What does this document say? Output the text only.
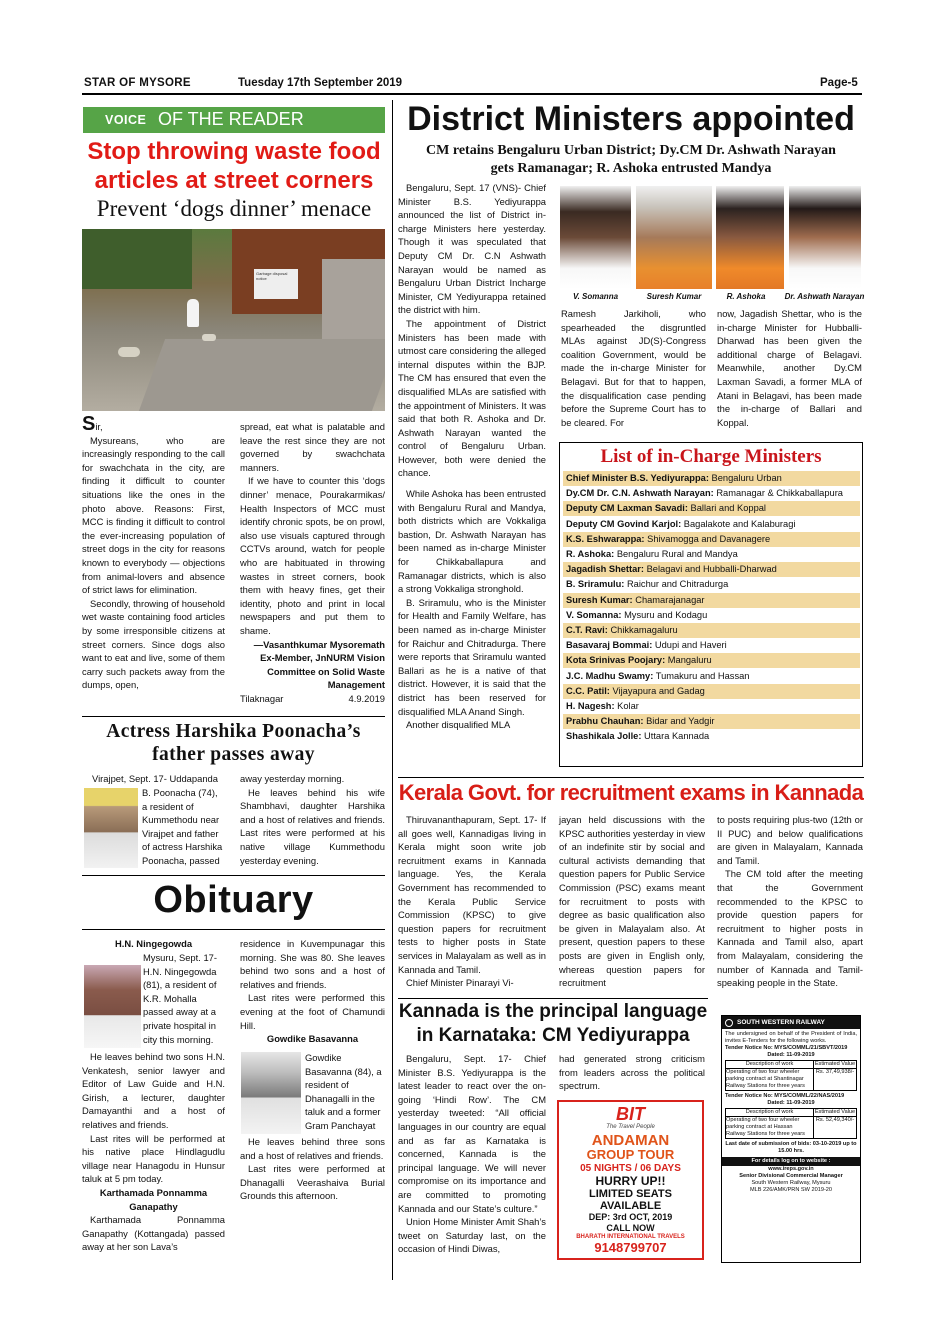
STAR OF MYSORE	Tuesday 17th September 2019	Page-5
VOICE OF THE READER
Stop throwing waste food
articles at street corners
Prevent ‘dogs dinner’ menace
Garbage disposal notice
Sir,
Mysureans, who are increasingly responding to the call for swachchata in the city, are finding it difficult to counter situations like the ones in the photo above. Reasons: First, MCC is finding it difficult to control the ever-increasing population of street dogs in the city for reasons known to everybody — objections from animal-lovers and absence of strict laws for elimination.
Secondly, throwing of household wet waste containing food articles by some irresponsible citizens at street corners. Since dogs also want to eat and live, some of them carry such packets away from the dumps, open,
spread, eat what is palatable and leave the rest since they are not governed by swachchata manners.
If we have to counter this ‘dogs dinner’ menace, Pourakarmikas/ Health Inspectors of MCC must identify chronic spots, be on prowl, also use visuals captured through CCTVs around, watch for people who are habituated in throwing wastes in street corners, book them with heavy fines, get their identity, photo and print in local newspapers and put them to shame.
—Vasanthkumar Mysoremath
Ex-Member, JnNURM Vision
Committee on Solid Waste
Management
Tilaknagar	4.9.2019
Actress Harshika Poonacha’s
father passes away
Virajpet, Sept. 17- Uddapanda
B. Poonacha (74), a resident of Kummethodu near Virajpet and father of actress Harshika Poonacha, passed
away yesterday morning.
He leaves behind his wife Shambhavi, daughter Harshika and a host of relatives and friends. Last rites were performed at his native village Kummethodu yesterday evening.
Obituary
H.N. Ningegowda
Mysuru, Sept. 17- H.N. Ningegowda (81), a resident of K.R. Mohalla passed away at a private hospital in city this morning.
He leaves behind two sons H.N. Venkatesh, senior lawyer and Editor of Law Guide and H.N. Girish, a lecturer, daughter Damayanthi and a host of relatives and friends.
Last rites will be performed at his native place Hindlagudlu village near Hanagodu in Hunsur taluk at 5 pm today.
Karthamada Ponnamma
Ganapathy
Karthamada Ponnamma Ganapathy (Kottangada) passed away at her son Lava’s
residence in Kuvempunagar this morning. She was 80. She leaves behind two sons and a host of relatives and friends.
Last rites were performed this evening at the foot of Chamundi Hill.
Gowdike Basavanna
Gowdike Basavanna (84), a resident of Dhanagalli in the taluk and a former Gram Panchayat
He leaves behind three sons and a host of relatives and friends.
Last rites were performed at Dhanagalli Veerashaiva Burial Grounds this afternoon.
District Ministers appointed
CM retains Bengaluru Urban District; Dy.CM Dr. Ashwath Narayan
gets Ramanagar; R. Ashoka entrusted Mandya
Bengaluru, Sept. 17 (VNS)- Chief Minister B.S. Yediyurappa announced the list of District in-charge Ministers here yesterday. Though it was speculated that Deputy CM Dr. C.N Ashwath Narayan would be named as Bengaluru Urban District Incharge Minister, CM Yediyurappa retained the district with him.
The appointment of District Ministers has been made with utmost care considering the alleged internal disputes within the BJP. The CM has ensured that even the disqualified MLAs are satisfied with the appointment of Ministers. It was said that both R. Ashoka and Dr. Ashwath Narayan wanted the control of Bengaluru Urban. However, both were denied the chance.
While Ashoka has been entrusted with Bengaluru Rural and Mandya, both districts which are Vokkaliga bastion, Dr. Ashwath Narayan has been named as in-charge Minister for Chikkaballapura and Ramanagar districts, which is also a strong Vokkaliga stronghold.
B. Sriramulu, who is the Minister for Health and Family Welfare, has been named as in-charge Minister for Raichur and Chitradurga. There were reports that Sriramulu wanted Ballari as he is a native of that district. However, it is said that the district has been reserved for disqualified MLA Anand Singh.
Another disqualified MLA
V. Somanna	Suresh Kumar	R. Ashoka	Dr. Ashwath Narayan
Ramesh Jarkiholi, who spearheaded the disgruntled MLAs against JD(S)-Congress coalition Government, would be made the in-charge Minister for Belagavi. But for that to happen, the disqualification case pending before the Supreme Court has to be cleared. For
now, Jagadish Shettar, who is the in-charge Minister for Hubballi-Dharwad has been given the additional charge of Belagavi. Meanwhile, another Dy.CM Laxman Savadi, a former MLA of Atani in Belagavi, has been made the in-charge of Ballari and Koppal.
List of in-Charge Ministers
Chief Minister B.S. Yediyurappa: Bengaluru Urban
Dy.CM Dr. C.N. Ashwath Narayan: Ramanagar & Chikkaballapura
Deputy CM Laxman Savadi: Ballari and Koppal
Deputy CM Govind Karjol: Bagalakote and Kalaburagi
K.S. Eshwarappa: Shivamogga and Davanagere
R. Ashoka: Bengaluru Rural and Mandya
Jagadish Shettar: Belagavi and Hubballi-Dharwad
B. Sriramulu: Raichur and Chitradurga
Suresh Kumar: Chamarajanagar
V. Somanna: Mysuru and Kodagu
C.T. Ravi: Chikkamagaluru
Basavaraj Bommai: Udupi and Haveri
Kota Srinivas Poojary: Mangaluru
J.C. Madhu Swamy: Tumakuru and Hassan
C.C. Patil: Vijayapura and Gadag
H. Nagesh: Kolar
Prabhu Chauhan: Bidar and Yadgir
Shashikala Jolle: Uttara Kannada
Kerala Govt. for recruitment exams in Kannada
Thiruvananthapuram, Sept. 17- If all goes well, Kannadigas living in Kerala might soon write job recruitment exams in Kannada language. Yes, the Kerala Government has recommended to the Kerala Public Service Commission (KPSC) to give question papers for recruitment tests to higher posts in State services in Malayalam as well as in Kannada and Tamil.
Chief Minister Pinarayi Vi-
jayan held discussions with the KPSC authorities yesterday in view of an indefinite stir by social and cultural activists demanding that question papers for Public Service Commission (PSC) exams meant for recruitment to posts with degree as basic qualification also be given in Malayalam also. At present, question papers to these posts are given in English only, whereas question papers for recruitment
to posts requiring plus-two (12th or II PUC) and below qualifications are given in Malayalam, Kannada and Tamil.
The CM told after the meeting that the Government recommended to the KPSC to provide question papers for recruitment to higher posts in Kannada and Tamil also, apart from Malayalam, considering the number of Kannada and Tamil-speaking people in the State.
Kannada is the principal language
in Karnataka: CM Yediyurappa
Bengaluru, Sept. 17- Chief Minister B.S. Yediyurappa is the latest leader to react over the on-going ‘Hindi Row’. The CM yesterday tweeted: “All official languages in our country are equal and as far as Karnataka is concerned, Kannada is the principal language. We will never compromise on its importance and are committed to promoting Kannada and our State’s culture.”
Union Home Minister Amit Shah’s tweet on Saturday last, on the occasion of Hindi Diwas,
had generated strong criticism from leaders across the political spectrum.
BIT
The Travel People
ANDAMAN
GROUP TOUR
05 NIGHTS / 06 DAYS
HURRY UP!!
LIMITED SEATS
AVAILABLE
DEP: 3rd OCT, 2019
CALL NOW
BHARATH INTERNATIONAL TRAVELS
9148799707
SOUTH WESTERN RAILWAY
The undersigned on behalf of the President of India, invites E-Tenders for the following works.
Tender Notice No: MYS/COMML/21/SBVT/2019
Dated: 11-09-2019
Description of work	Estimated Value
Operating of two four wheeler parking contract at Shantinagar Railway Stations for three years
Rs. 37,49,938/-
Tender Notice No: MYS/COMML/22/NAS/2019
Dated: 11-09-2019
Description of work	Estimated Value
Operating of two four wheeler parking contract at Hassan Railway Stations for three years
Rs. 52,49,340/-
Last date of submission of bids: 03-10-2019 up to 15.00 hrs.
For details log on to website :
www.ireps.gov.in
Senior Divisional Commercial Manager
South Western Railway, Mysuru
MLB 226/AMK/PRN SW 2019-20
